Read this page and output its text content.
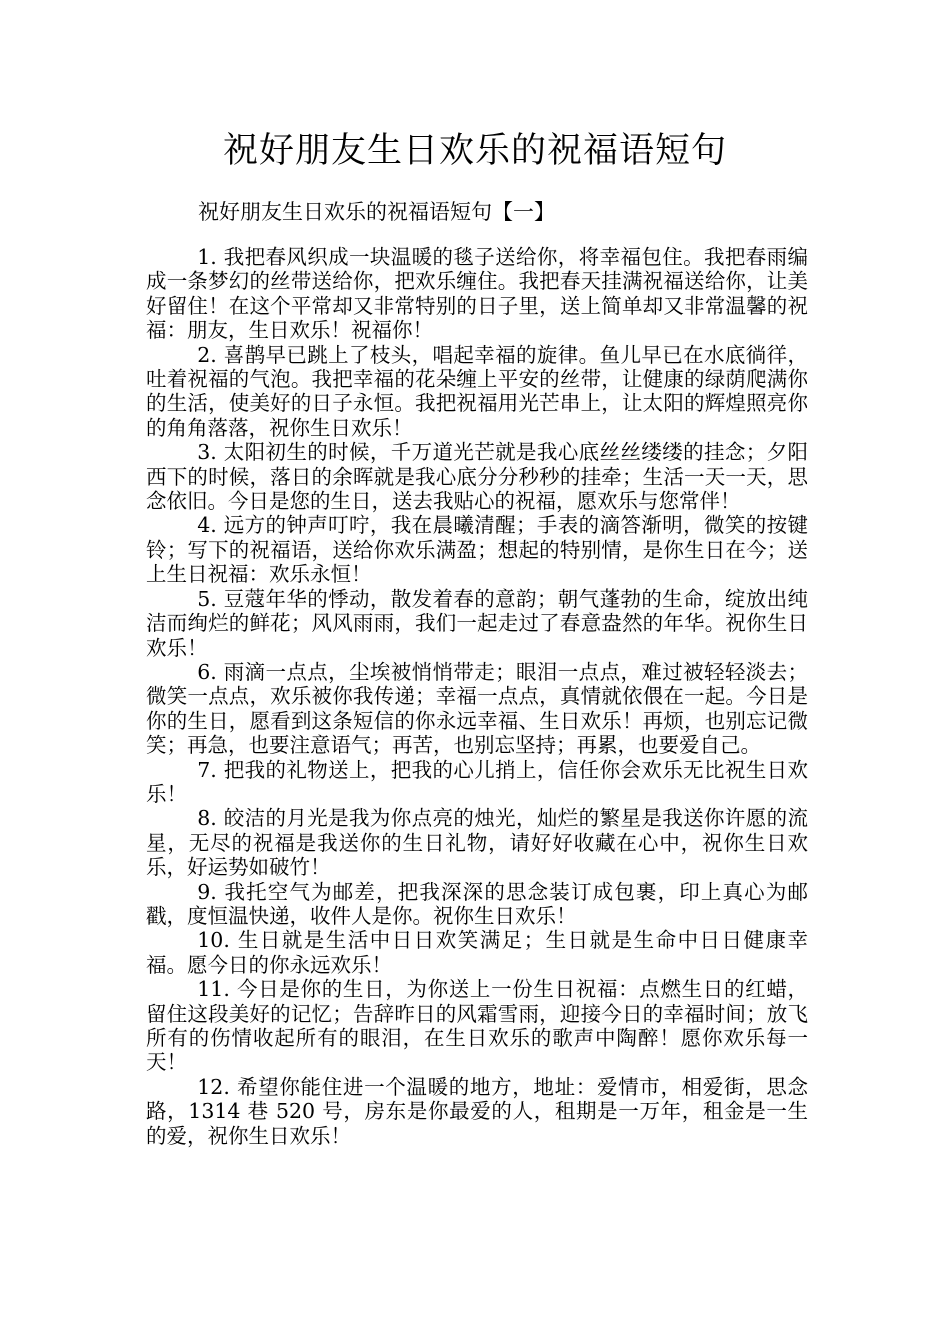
祝好朋友生日欢乐的祝福语短句

祝好朋友生日欢乐的祝福语短句【一】

1. 我把春风织成一块温暖的毯子送给你，将幸福包住。我把春雨编成一条梦幻的丝带送给你，把欢乐缠住。我把春天挂满祝福送给你，让美好留住！在这个平常却又非常特别的日子里，送上简单却又非常温馨的祝福：朋友，生日欢乐！祝福你！

2. 喜鹊早已跳上了枝头，唱起幸福的旋律。鱼儿早已在水底徜徉，吐着祝福的气泡。我把幸福的花朵缠上平安的丝带，让健康的绿荫爬满你的生活，使美好的日子永恒。我把祝福用光芒串上，让太阳的辉煌照亮你的角角落落，祝你生日欢乐！

3. 太阳初生的时候，千万道光芒就是我心底丝丝缕缕的挂念；夕阳西下的时候，落日的余晖就是我心底分分秒秒的挂牵；生活一天一天，思念依旧。今日是您的生日，送去我贴心的祝福，愿欢乐与您常伴！

4. 远方的钟声叮咛，我在晨曦清醒；手表的滴答渐明，微笑的按键铃；写下的祝福语，送给你欢乐满盈；想起的特别情，是你生日在今；送上生日祝福：欢乐永恒！

5. 豆蔻年华的悸动，散发着春的意韵；朝气蓬勃的生命，绽放出纯洁而绚烂的鲜花；风风雨雨，我们一起走过了春意盎然的年华。祝你生日欢乐！

6. 雨滴一点点，尘埃被悄悄带走；眼泪一点点，难过被轻轻淡去；微笑一点点，欢乐被你我传递；幸福一点点，真情就依偎在一起。今日是你的生日，愿看到这条短信的你永远幸福、生日欢乐！再烦，也别忘记微笑；再急，也要注意语气；再苦，也别忘坚持；再累，也要爱自己。

7. 把我的礼物送上，把我的心儿捎上，信任你会欢乐无比祝生日欢乐！

8. 皎洁的月光是我为你点亮的烛光，灿烂的繁星是我送你许愿的流星，无尽的祝福是我送你的生日礼物，请好好收藏在心中，祝你生日欢乐，好运势如破竹！

9. 我托空气为邮差，把我深深的思念装订成包裹，印上真心为邮戳，度恒温快递，收件人是你。祝你生日欢乐！

10. 生日就是生活中日日欢笑满足；生日就是生命中日日健康幸福。愿今日的你永远欢乐！

11. 今日是你的生日，为你送上一份生日祝福：点燃生日的红蜡，留住这段美好的记忆；告辞昨日的风霜雪雨，迎接今日的幸福时间；放飞所有的伤情收起所有的眼泪，在生日欢乐的歌声中陶醉！愿你欢乐每一天！

12. 希望你能住进一个温暖的地方，地址：爱情市，相爱街，思念路，1314 巷 520 号，房东是你最爱的人，租期是一万年，租金是一生的爱，祝你生日欢乐！
